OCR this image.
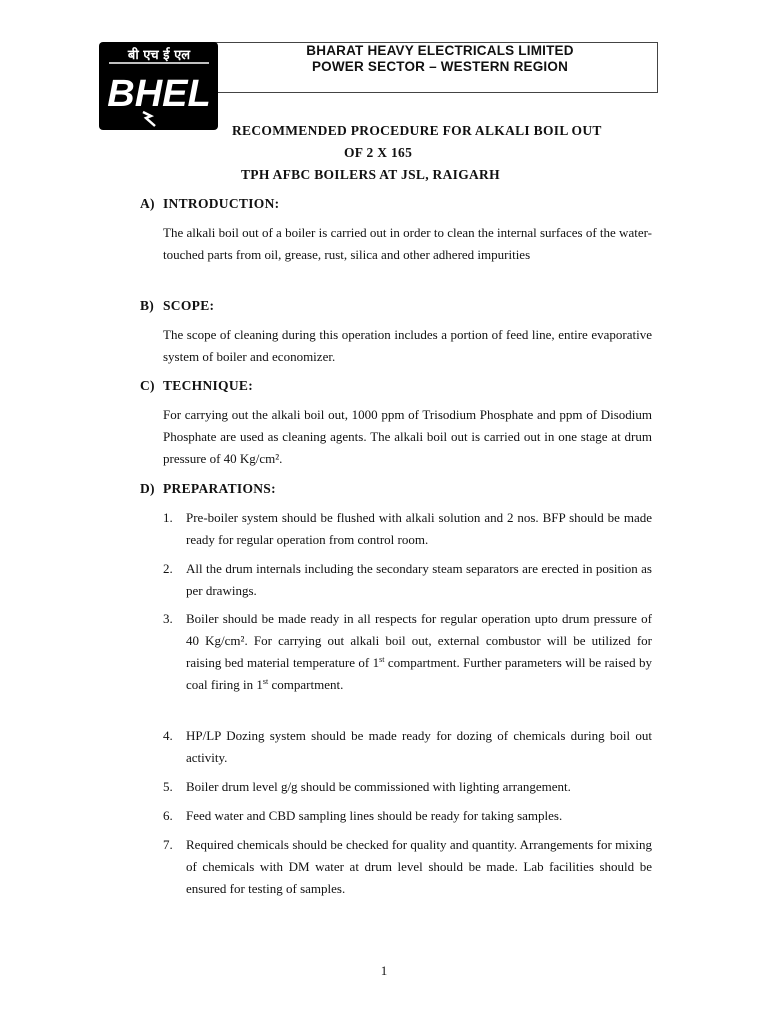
बी एच ई एल
BHEL
BHARAT HEAVY ELECTRICALS LIMITED
POWER SECTOR – WESTERN REGION
RECOMMENDED PROCEDURE FOR ALKALI BOIL OUT
OF 2 X 165
TPH AFBC BOILERS AT JSL, RAIGARH
A) INTRODUCTION:
The alkali boil out of a boiler is carried out in order to clean the internal surfaces of the water-touched parts from oil, grease, rust, silica and other adhered impurities
B) SCOPE:
The scope of cleaning during this operation includes a portion of feed line, entire evaporative system of boiler and economizer.
C) TECHNIQUE:
For carrying out the alkali boil out, 1000 ppm of Trisodium Phosphate and ppm of Disodium Phosphate are used as cleaning agents. The alkali boil out is carried out in one stage at drum pressure of 40 Kg/cm².
D) PREPARATIONS:
1.	Pre-boiler system should be flushed with alkali solution and 2 nos. BFP should be made ready for regular operation from control room.
2.	All the drum internals including the secondary steam separators are erected in position as per drawings.
3.	Boiler should be made ready in all respects for regular operation upto drum pressure of 40 Kg/cm². For carrying out alkali boil out, external combustor will be utilized for raising bed material temperature of 1st compartment. Further parameters will be raised by coal firing in 1st compartment.
4.	HP/LP Dozing system should be made ready for dozing of chemicals during boil out activity.
5.	Boiler drum level g/g should be commissioned with lighting arrangement.
6.	Feed water and CBD sampling lines should be ready for taking samples.
7.	Required chemicals should be checked for quality and quantity. Arrangements for mixing of chemicals with DM water at drum level should be made. Lab facilities should be ensured for testing of samples.
1
